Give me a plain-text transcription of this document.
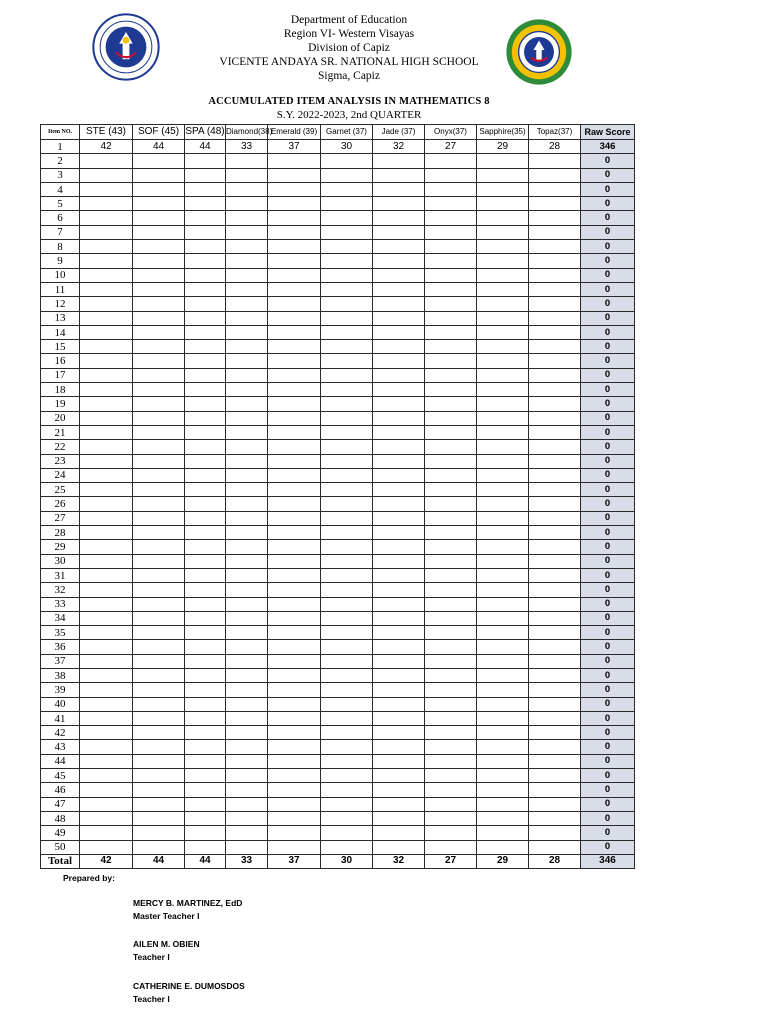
Department of Education
Region VI- Western Visayas
Division of Capiz
VICENTE ANDAYA SR. NATIONAL HIGH SCHOOL
Sigma, Capiz
ACCUMULATED ITEM ANALYSIS IN MATHEMATICS 8
S.Y. 2022-2023, 2nd QUARTER
Item NO.	STE (43)	SOF (45)	SPA (48)	Diamond(38)	Emerald (39)	Garnet (37)	Jade (37)	Onyx(37)	Sapphire(35)	Topaz(37)	Raw Score
1	42	44	44	33	37	30	32	27	29	28	346
2											0
3											0
4											0
5											0
6											0
7											0
8											0
9											0
10											0
11											0
12											0
13											0
14											0
15											0
16											0
17											0
18											0
19											0
20											0
21											0
22											0
23											0
24											0
25											0
26											0
27											0
28											0
29											0
30											0
31											0
32											0
33											0
34											0
35											0
36											0
37											0
38											0
39											0
40											0
41											0
42											0
43											0
44											0
45											0
46											0
47											0
48											0
49											0
50											0
Total	42	44	44	33	37	30	32	27	29	28	346
Prepared by:
MERCY B. MARTINEZ, EdD
Master Teacher I
AILEN M. OBIEN
Teacher I
CATHERINE E. DUMOSDOS
Teacher I
